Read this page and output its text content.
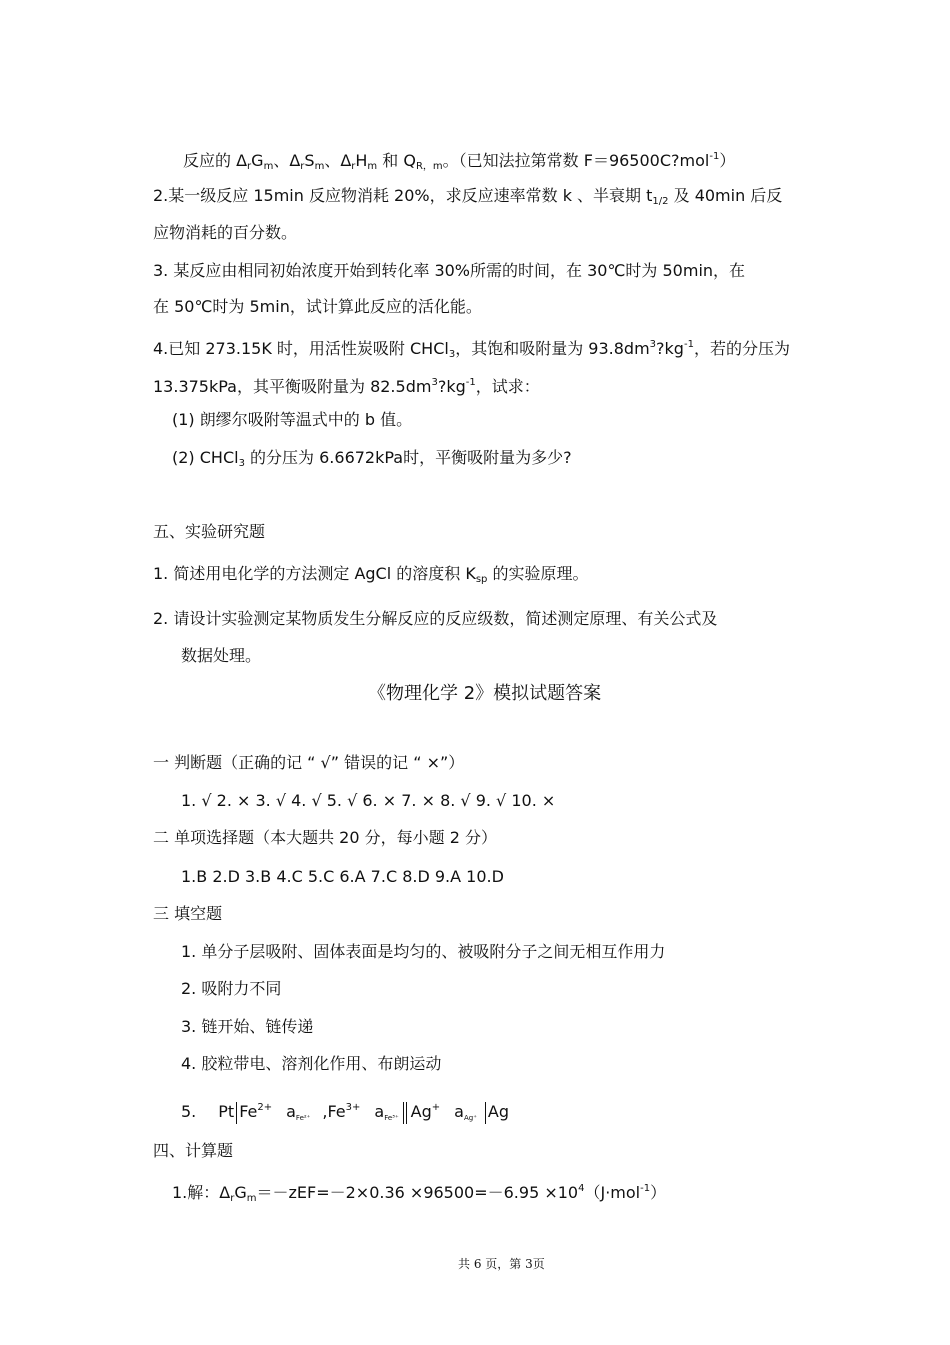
反应的 $\Delta_rG_m$、$\Delta_rS_m$、$\Delta_rH_m$ 和 $Q_{R,m}$。（已知法拉第常数 F＝96500C?mol$^{-1}$）
2.某一级反应 15min 反应物消耗 20%，求反应速率常数 k 、半衰期 $t_{1/2}$ 及 40min 后反
应物消耗的百分数。
3. 某反应由相同初始浓度开始到转化率 30%所需的时间，在 30℃时为 50min，在
在 50℃时为 5min，试计算此反应的活化能。
4.已知 273.15K 时，用活性炭吸附 CHCl$_3$，其饱和吸附量为 $93.8dm^3?kg^{-1}$，若的分压为
13.375kPa，其平衡吸附量为 $82.5dm^3?kg^{-1}$，试求：
(1) 朗缪尔吸附等温式中的 b 值。
(2) CHCl$_3$ 的分压为 6.6672kPa时，平衡吸附量为多少?
五、实验研究题
1. 简述用电化学的方法测定 AgCl 的溶度积 $K_{sp}$ 的实验原理。
2. 请设计实验测定某物质发生分解反应的反应级数，简述测定原理、有关公式及
数据处理。
《物理化学 2》模拟试题答案
一 判断题（正确的记 “ √” 错误的记 “ ×”）
1. √ 2. × 3. √ 4. √ 5. √ 6. × 7. × 8. √ 9. √ 10. ×
二 单项选择题（本大题共 20 分，每小题 2 分）
1.B 2.D 3.B 4.C 5.C 6.A 7.C 8.D 9.A 10.D
三 填空题
1. 单分子层吸附、固体表面是均匀的、被吸附分子之间无相互作用力
2. 吸附力不同
3. 链开始、链传递
4. 胶粒带电、溶剂化作用、布朗运动
5. Pt $Fe^{2+}$ $a_{Fe^{2+}}$ $,Fe^{3+}$ $a_{Fe^{3+}}$ Ag+ $a_{Ag^+}$ Ag
四、计算题
1.解：$\Delta_rG_m=-zEF=-2\times 0.36 \times 96500=-6.95 \times 10^4(J\cdot mol^{-1})$
共 6 页，第 3页
